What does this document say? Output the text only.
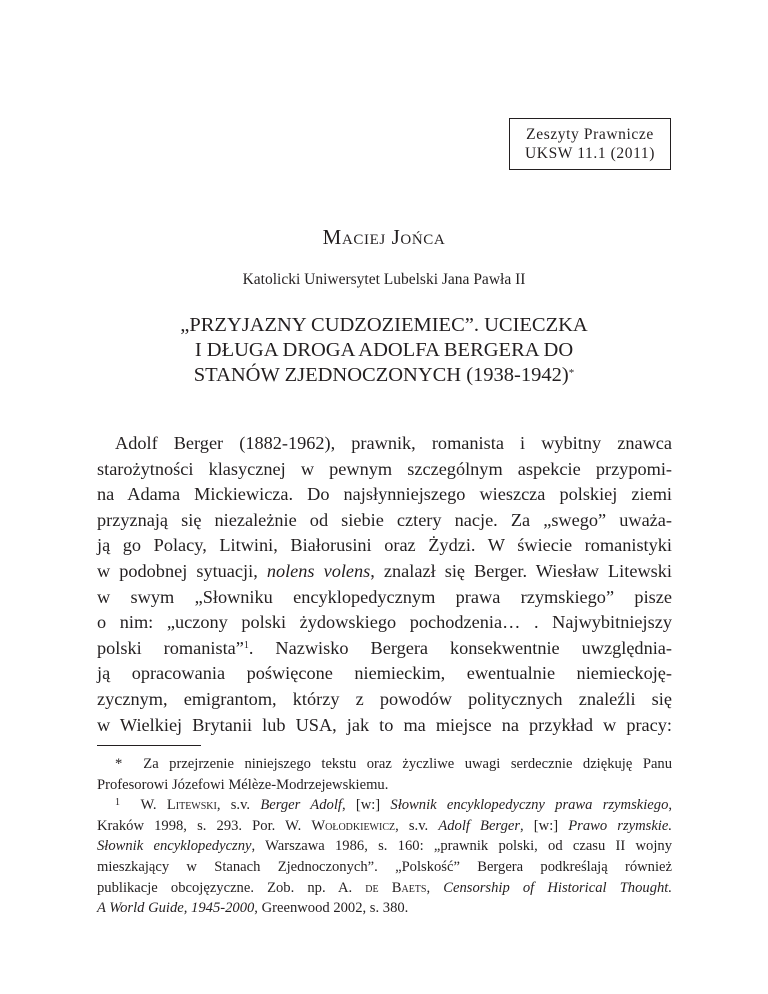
Zeszyty Prawnicze
UKSW 11.1 (2011)
Maciej Jońca
Katolicki Uniwersytet Lubelski Jana Pawła II
„PRZYJAZNY CUDZOZIEMIEC”. UCIECZKA
I DŁUGA DROGA ADOLFA BERGERA DO
STANÓW ZJEDNOCZONYCH (1938-1942)*
Adolf Berger (1882-1962), prawnik, romanista i wybitny znawca
starożytności klasycznej w pewnym szczególnym aspekcie przypomi-
na Adama Mickiewicza. Do najsłynniejszego wieszcza polskiej ziemi
przyznają się niezależnie od siebie cztery nacje. Za „swego” uważa-
ją go Polacy, Litwini, Białorusini oraz Żydzi. W świecie romanistyki
w podobnej sytuacji, nolens volens, znalazł się Berger. Wiesław Litewski
w swym „Słowniku encyklopedycznym prawa rzymskiego” pisze
o nim: „uczony polski żydowskiego pochodzenia… . Najwybitniejszy
polski romanista”$^1$. Nazwisko Bergera konsekwentnie uwzględnia-
ją opracowania poświęcone niemieckim, ewentualnie niemieckoję-
zycznym, emigrantom, którzy z powodów politycznych znaleźli się
w Wielkiej Brytanii lub USA, jak to ma miejsce na przykład w pracy:
* Za przejrzenie niniejszego tekstu oraz życzliwe uwagi serdecznie dziękuję Panu
Profesorowi Józefowi Mélèze-Modrzejewskiemu.
$^1$ W. Litewski, s.v. Berger Adolf, [w:] Słownik encyklopedyczny prawa rzymskiego,
Kraków 1998, s. 293. Por. W. Wołodkiewicz, s.v. Adolf Berger, [w:] Prawo rzymskie.
Słownik encyklopedyczny, Warszawa 1986, s. 160: „prawnik polski, od czasu II wojny
mieszkający w Stanach Zjednoczonych”. „Polskość” Bergera podkreślają również
publikacje obcojęzyczne. Zob. np. A. de Baets, Censorship of Historical Thought.
A World Guide, 1945-2000, Greenwood 2002, s. 380.
